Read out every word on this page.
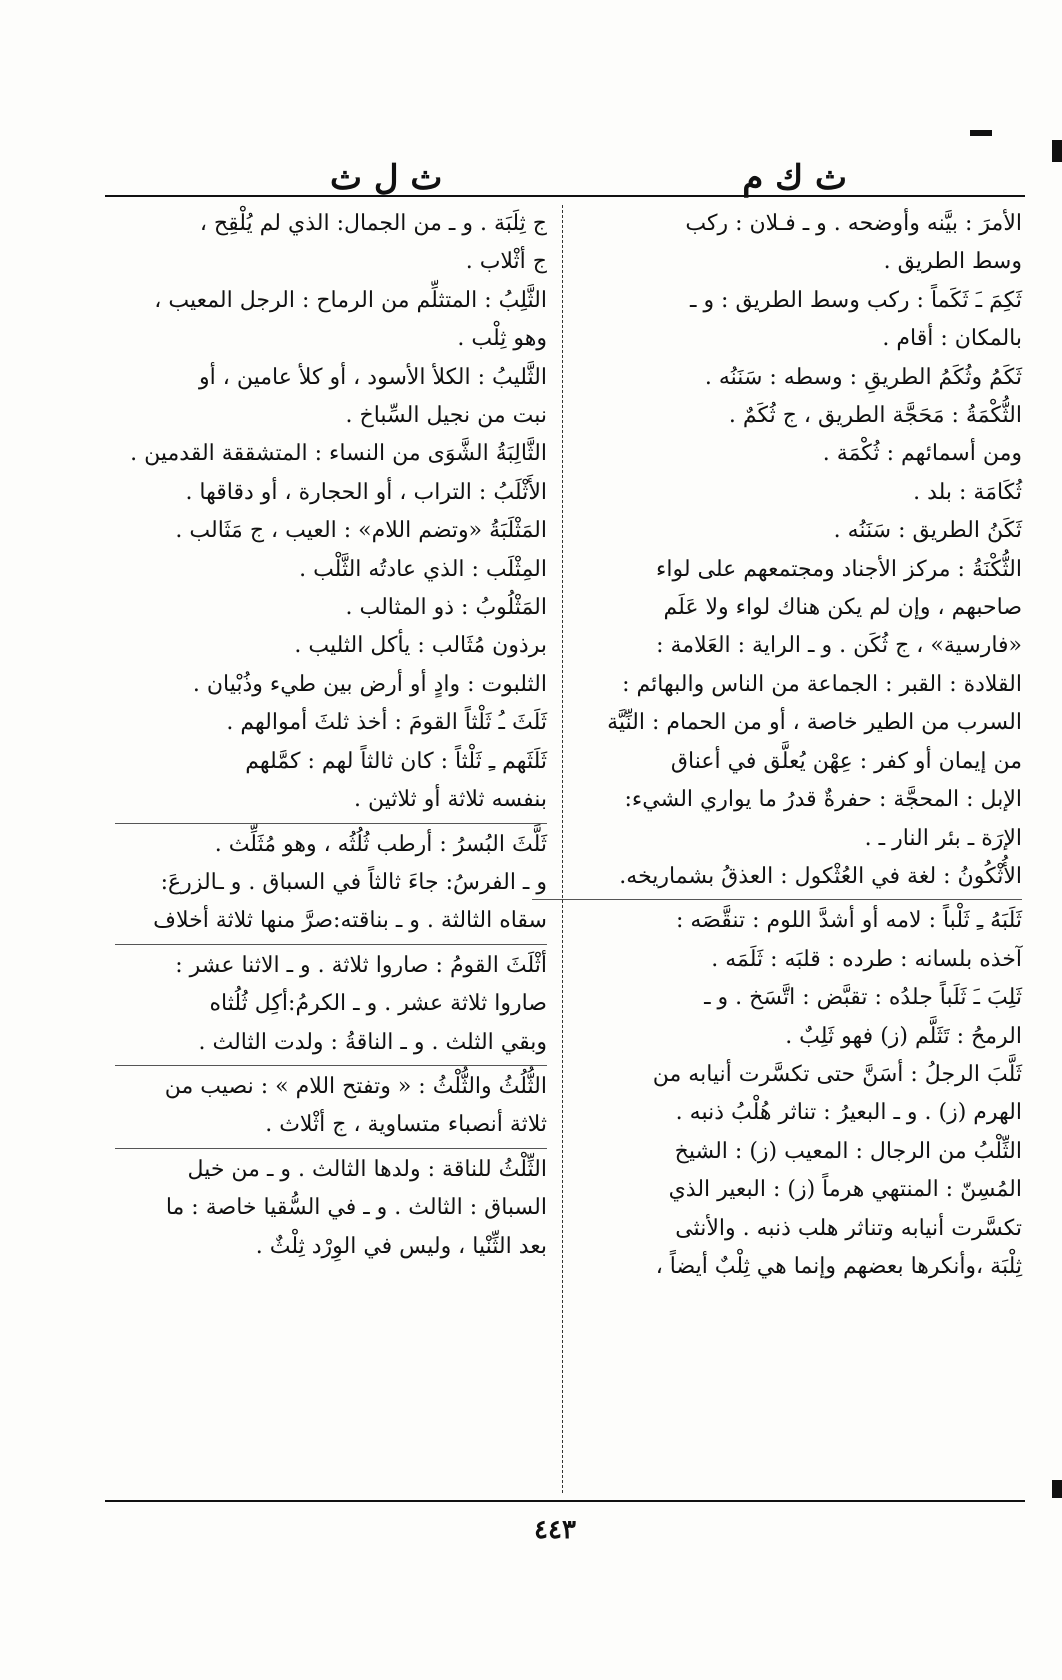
ث ك م
ث ل ث

الأمرَ : بيَّنه وأوضحه . و ـ فـلان : ركب

وسط الطريق .

ثَكِمَ ـَ ثَكَماً : ركب وسط الطريق : و ـ

بالمكان : أقام .

ثَكَمُ وثُكَمُ الطريقِ : وسطه : سَنَنُه .

الثُّكْمَةُ : مَحَجَّة الطريق ، ج ثُكَمٌ .

ومن أسمائهم : ثُكْمَة .

ثُكَامَة : بلد .

ثَكَنُ الطريق : سَنَنُه .

الثُّكْنَةُ : مركز الأجناد ومجتمعهم على لواء

صاحبهم ، وإن لم يكن هناك لواء ولا عَلَم

«فارسية» ، ج ثُكَن . و ـ الراية : العَلامة :

القلادة : القبر : الجماعة من الناس والبهائم :

السرب من الطير خاصة ، أو من الحمام : النِّيَّة

من إيمان أو كفر : عِهْن يُعلَّق في أعناق

الإبل : المحجَّة : حفرةٌ قدرُ ما يواري الشيء:

الإرَة ـ بئر النار ـ .

الأُثْكُونُ : لغة في العُثْكول : العذقُ بشماريخه.

ثَلَبَهُ ـِ ثَلْباً : لامه أو أشدَّ اللوم : تنقَّصَه :

آخذه بلسانه : طرده : قلبَه : ثَلَمَه .

ثَلِبَ ـَ ثَلَباً جلدُه : تقبَّض : اتَّسَخ . و ـ

الرمحُ : تَثَلَّم (ز) فهو ثَلِبٌ .

ثَلَّبَ الرجلُ : أسَنَّ حتى تكسَّرت أنيابه من

الهرم (ز) . و ـ البعيرُ : تناثر هُلْبُ ذنبه .

الثِّلْبُ من الرجال : المعيب (ز) : الشيخ

المُسِنّ : المنتهي هرماً (ز) : البعير الذي

تكسَّرت أنيابه وتناثر هلب ذنبه . والأنثى

ثِلْبَة ،وأنكرها بعضهم وإنما هي ثِلْبٌ أيضاً ،

ج ثِلَبَة . و ـ من الجمال: الذي لم يُلْقِح ،

ج أثْلاب .

الثَّلِبُ : المتثلِّم من الرماح : الرجل المعيب ،

وهو ثِلْب .

الثَّليبُ : الكلأ الأسود ، أو كلأ عامين ، أو

نبت من نجيل السِّباخ .

الثَّالِبَةُ الشَّوَى من النساء : المتشققة القدمين .

الأَثْلَبُ : التراب ، أو الحجارة ، أو دقاقها .

المَثْلَبَةُ «وتضم اللام» : العيب ، ج مَثَالب .

المِثْلَب : الذي عادتُه الثَّلْب .

المَثْلُوبُ : ذو المثالب .

برذون مُثَالب : يأكل الثليب .

الثلبوت : وادٍ أو أرض بين طيء وذُبْيان .

ثَلَثَ ـُ ثَلْثاً القومَ : أخذ ثلثَ أموالهم .

ثَلَثَهم ـِ ثَلْثاً : كان ثالثاً لهم : كمَّلهم

بنفسه ثلاثة أو ثلاثين .

ثَلَّثَ البُسرُ : أرطب ثُلُثُه ، وهو مُثَلِّث .

و ـ الفرسُ: جاءَ ثالثاً في السباق . و ـالزرعَ:

سقاه الثالثة . و ـ بناقته:صرَّ منها ثلاثة أخلاف

أثْلَثَ القومُ : صاروا ثلاثة . و ـ الاثنا عشر :

صاروا ثلاثة عشر . و ـ الكرمُ:أكِل ثُلُثاه

وبقي الثلث . و ـ الناقةُ : ولدت الثالث .

الثُّلُثُ والثُّلْثُ : « وتفتح اللام » : نصيب من

ثلاثة أنصباء متساوية ، ج أثْلاث .

الثِّلْثُ للناقة : ولدها الثالث . و ـ من خيل

السباق : الثالث . و ـ في السُّقيا خاصة : ما

بعد الثِّنْيا ، وليس في الوِرْد ثِلْثٌ .

٤٤٣
